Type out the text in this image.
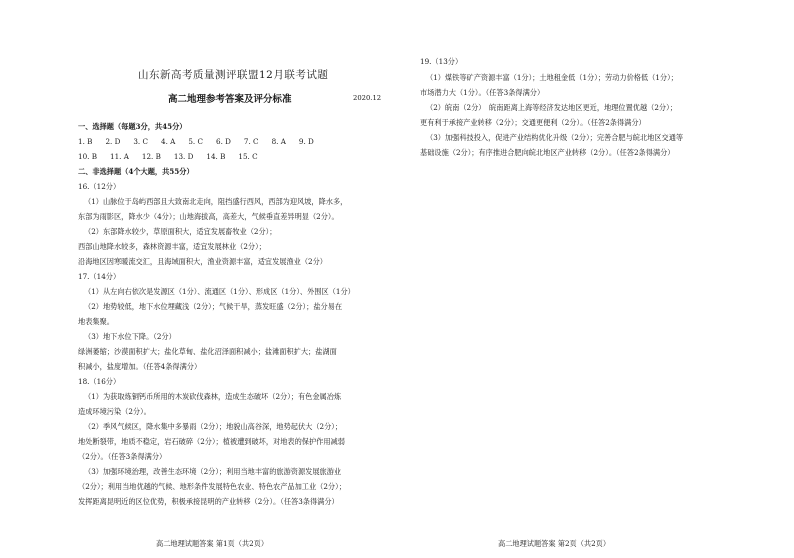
山东新高考质量测评联盟12月联考试题
高二地理参考答案及评分标准	2020.12
一、选择题（每题3分，共45分）
1. B 2. D 3. C 4. A 5. C 6. D 7. C 8. A 9. D
10. B 11. A 12. B 13. D 14. B 15. C
二、非选择题（4个大题，共55分）
16.（12分）
（1）山脉位于岛屿西部且大致南北走向，阻挡盛行西风，西部为迎风坡，降水多，
东部为雨影区，降水少（4分）；山地海拔高，高差大，气候垂直差异明显（2分）。
（2）东部降水较少，草原面积大，适宜发展畜牧业（2分）；
西部山地降水较多，森林资源丰富，适宜发展林业（2分）；
沿海地区因寒暖流交汇，且海域面积大，渔业资源丰富，适宜发展渔业（2分）
17.（14分）
（1）从左向右依次是发源区（1分）、流通区（1分）、形成区（1分）、外围区（1分）
（2）地势较低，地下水位埋藏浅（2分）；气候干旱，蒸发旺盛（2分）；盐分易在
地表集聚。
（3）地下水位下降。（2分）
绿洲萎缩；沙漠面积扩大；盐化草甸、盐化沼泽面积减小；盐滩面积扩大；盐湖面
积减小，盐度增加。（任答4条得满分）
18.（16分）
（1）为获取炼铜钙币所用的木炭砍伐森林，造成生态破坏（2分）；有色金属冶炼
造成环境污染（2分）。
（2）季风气候区，降水集中多暴雨（2分）；地貌山高谷深，地势起伏大（2分）；
地处断裂带，地质不稳定，岩石破碎（2分）；植被遭到破坏，对地表的保护作用减弱
（2分）。（任答3条得满分）
（3）加强环境治理，改善生态环境（2分）；利用当地丰富的旅游资源发展旅游业
（2分）；利用当地优越的气候、地形条件发展特色农业、特色农产品加工业（2分）；
发挥距离昆明近的区位优势，积极承接昆明的产业转移（2分）。（任答3条得满分）
19.（13分）
（1）煤铁等矿产资源丰富（1分）；土地租金低（1分）；劳动力价格低（1分）；
市场潜力大（1分）。（任答3条得满分）
（2）皖南（2分）　皖南距离上海等经济发达地区更近，地理位置优越（2分）；
更有利于承接产业转移（2分）；交通更便利（2分）。（任答2条得满分）
（3）加强科技投入，促进产业结构优化升级（2分）；完善合肥与皖北地区交通等
基础设施（2分）；有序推进合肥向皖北地区产业转移（2分）。（任答2条得满分）
高二地理试题答案 第1页（共2页）	高二地理试题答案 第2页（共2页）
